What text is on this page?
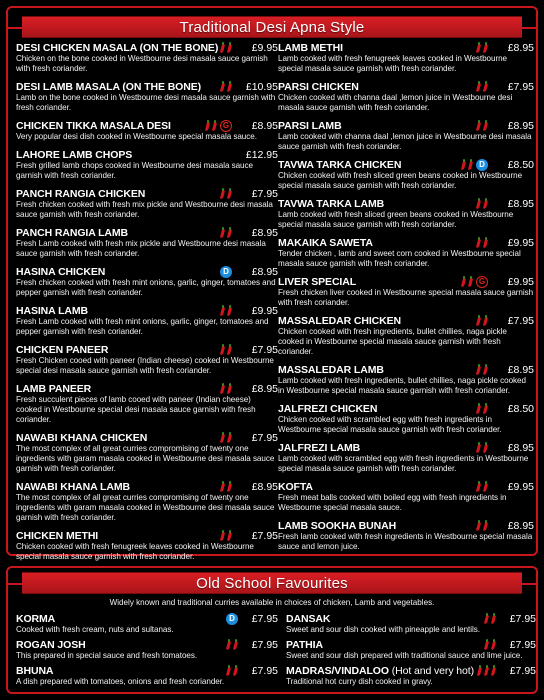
Traditional Desi Apna Style
DESI CHICKEN MASALA (ON THE BONE)	£9.95
Chicken on the bone cooked in Westbourne desi masala sauce garnish with fresh coriander.
DESI LAMB MASALA (ON THE BONE)	£10.95
Lamb on the bone cooked in Westbourne desi masala sauce garnish with fresh coriander.
CHICKEN TIKKA MASALA DESI	G	£8.95
Very popular desi dish cooked in Westbourne special masala sauce.
LAHORE LAMB CHOPS	£12.95
Fresh grilled lamb chops cooked in Westbourne desi masala sauce garnish with fresh coriander.
PANCH RANGIA CHICKEN	£7.95
Fresh chicken cooked with fresh mix pickle and Westbourne desi masala sauce garnish with fresh coriander.
PANCH RANGIA LAMB	£8.95
Fresh Lamb cooked with fresh mix pickle and Westbourne desi masala sauce garnish with fresh coriander.
HASINA CHICKEN	D	£8.95
Fresh chicken cooked with fresh mint onions, garlic, ginger, tomatoes and pepper garnish with fresh coriander.
HASINA LAMB	£9.95
Fresh Lamb cooked with fresh mint onions, garlic, ginger, tomatoes and pepper garnish with fresh coriander.
CHICKEN PANEER	£7.95
Fresh Chicken cooed with paneer (Indian cheese) cooked in Westbourne special desi masala sauce garnish with fresh coriander.
LAMB PANEER	£8.95
Fresh succulent pieces of lamb cooed with paneer (Indian cheese) cooked in Westbourne special desi masala sauce garnish with fresh coriander.
NAWABI KHANA CHICKEN	£7.95
The most complex of all great curries compromising of twenty one ingredients with garam masala cooked in Westbourne desi masala sauce garnish with fresh coriander.
NAWABI KHANA LAMB	£8.95
The most complex of all great curries compromising of twenty one ingredients with garam masala cooked in Westbourne desi masala sauce garnish with fresh coriander.
CHICKEN METHI	£7.95
Chicken cooked with fresh fenugreek leaves cooked in Westbourne special masala sauce garnish with fresh coriander.
LAMB METHI	£8.95
Lamb cooked with fresh fenugreek leaves cooked in Westbourne special masala sauce garnish with fresh coriander.
PARSI CHICKEN	£7.95
Chicken cooked with channa daal ,lemon juice in Westbourne desi masala sauce garnish with fresh coriander.
PARSI LAMB	£8.95
Lamb cooked with channa daal ,lemon juice in Westbourne desi masala sauce garnish with fresh coriander.
TAVWA TARKA CHICKEN	D	£8.50
Chicken cooked with fresh sliced green beans cooked in Westbourne special masala sauce garnish with fresh coriander.
TAVWA TARKA LAMB	£8.95
Lamb cooked with fresh sliced green beans cooked in Westbourne special masala sauce garnish with fresh coriander.
MAKAIKA SAWETA	£9.95
Tender chicken , lamb and sweet corn cooked in Westbourne special masala sauce garnish with fresh coriander.
LIVER SPECIAL	G	£9.95
Fresh chicken liver cooked in Westbourne special masala sauce garnish with fresh coriander.
MASSALEDAR CHICKEN	£7.95
Chicken cooked with fresh ingredients, bullet chillies, naga pickle cooked in Westbourne special masala sauce garnish with fresh coriander.
MASSALEDAR LAMB	£8.95
Lamb cooked with fresh ingredients, bullet chillies, naga pickle cooked in Westbourne special masala sauce garnish with fresh coriander.
JALFREZI CHICKEN	£8.50
Chicken cooked with scrambled egg with fresh ingredients in Westbourne special masala sauce garnish with fresh coriander.
JALFREZI LAMB	£8.95
Lamb cooked with scrambled egg with fresh ingredients in Westbourne special masala sauce garnish with fresh coriander.
KOFTA	£9.95
Fresh meat balls cooked with boiled egg with fresh ingredients in Westbourne special masala sauce.
LAMB SOOKHA BUNAH	£8.95
Fresh lamb cooked with fresh ingredients in Westbourne special masala sauce and lemon juice.
Old School Favourites
Widely known and traditional curries available in choices of chicken, Lamb and vegetables.
KORMA	D	£7.95
Cooked with fresh cream, nuts and sultanas.
ROGAN JOSH	£7.95
This prepared in special sauce and fresh tomatoes.
BHUNA	£7.95
A dish prepared with tomatoes, onions and fresh coriander.
DANSAK	£7.95
Sweet and sour dish cooked with pineapple and lentils.
PATHIA	£7.95
Sweet and sour dish prepared with traditional sauce and lime juice.
MADRAS/VINDALOO (Hot and very hot)	£7.95
Traditional hot curry dish cooked in gravy.
